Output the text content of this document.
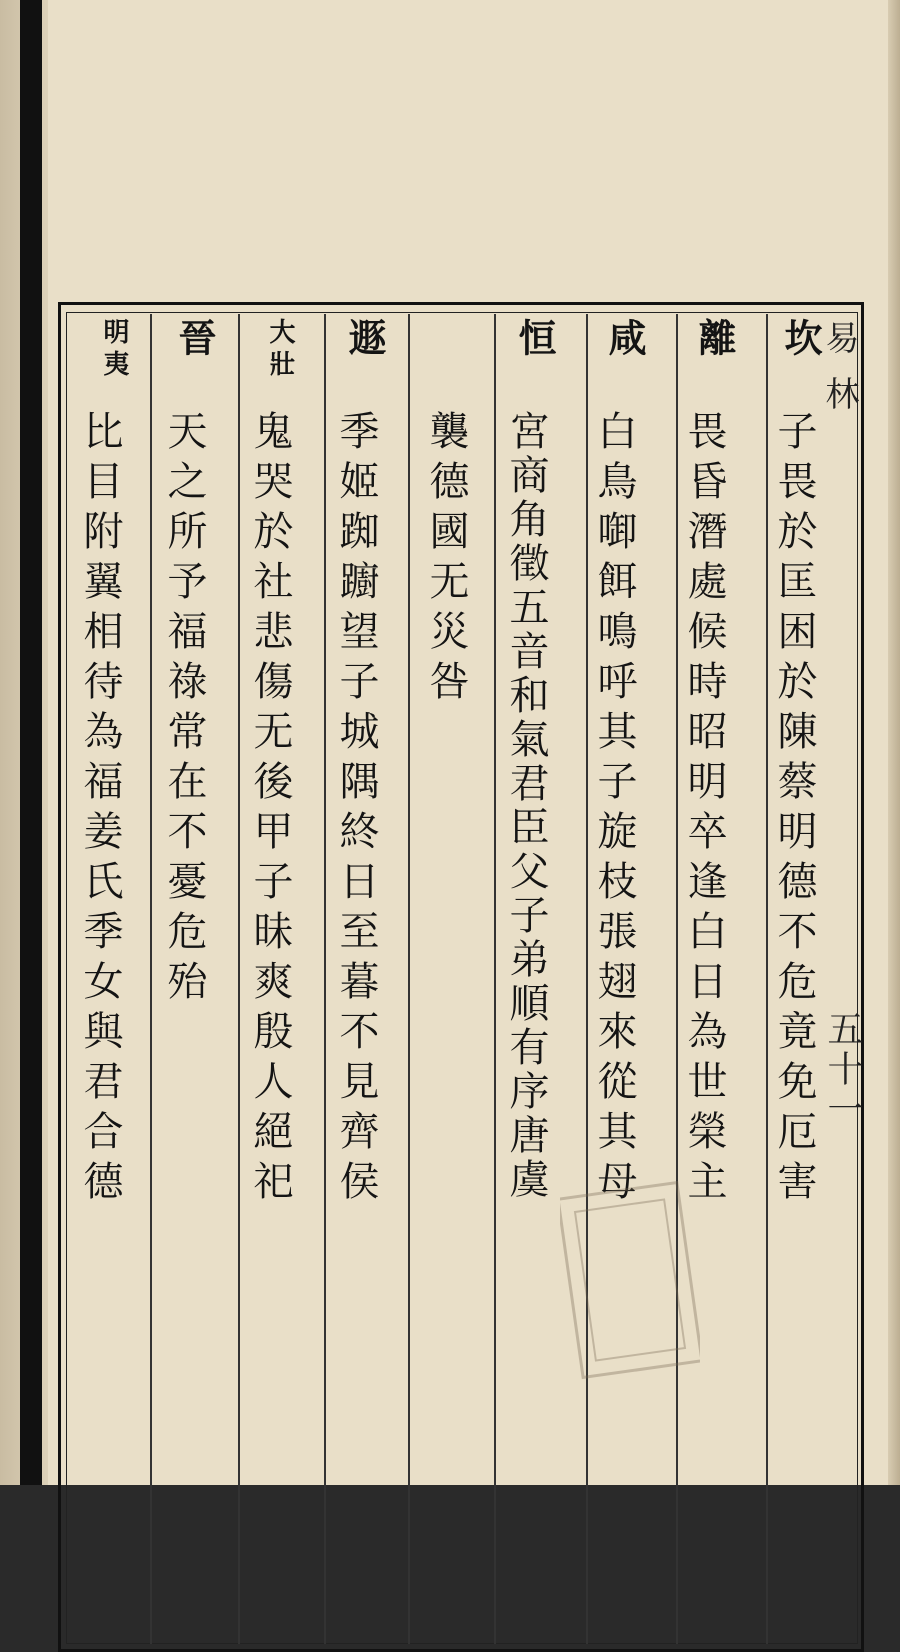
易林
五十一
坎
子畏於匡困於陳蔡明德不危竟免厄害
離
畏昏潛處候時昭明卒逢白日為世榮主
咸
白鳥啣餌鳴呼其子旋枝張翅來從其母
恒
宮商角徵五音和氣君臣父子弟順有序唐虞
襲德國无災咎
遯
季姬踟躕望子城隅終日至暮不見齊侯
大壯
鬼哭於社悲傷无後甲子昧爽殷人絕祀
晉
天之所予福祿常在不憂危殆
明夷
比目附翼相待為福姜氏季女與君合德
